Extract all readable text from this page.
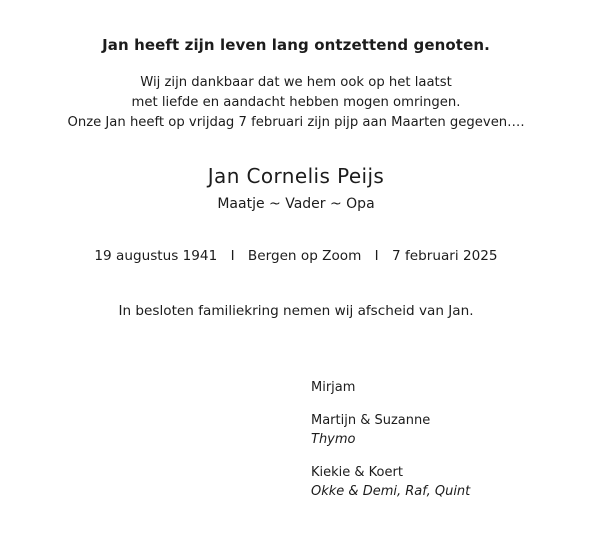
Jan heeft zijn leven lang ontzettend genoten.
Wij zijn dankbaar dat we hem ook op het laatst
met liefde en aandacht hebben mogen omringen.
Onze Jan heeft op vrijdag 7 februari zijn pijp aan Maarten gegeven….
Jan Cornelis Peijs
Maatje ~ Vader ~ Opa
19 augustus 1941 I Bergen op Zoom I 7 februari 2025
In besloten familiekring nemen wij afscheid van Jan.
Mirjam
Martijn & Suzanne
Thymo
Kiekie & Koert
Okke & Demi, Raf, Quint
